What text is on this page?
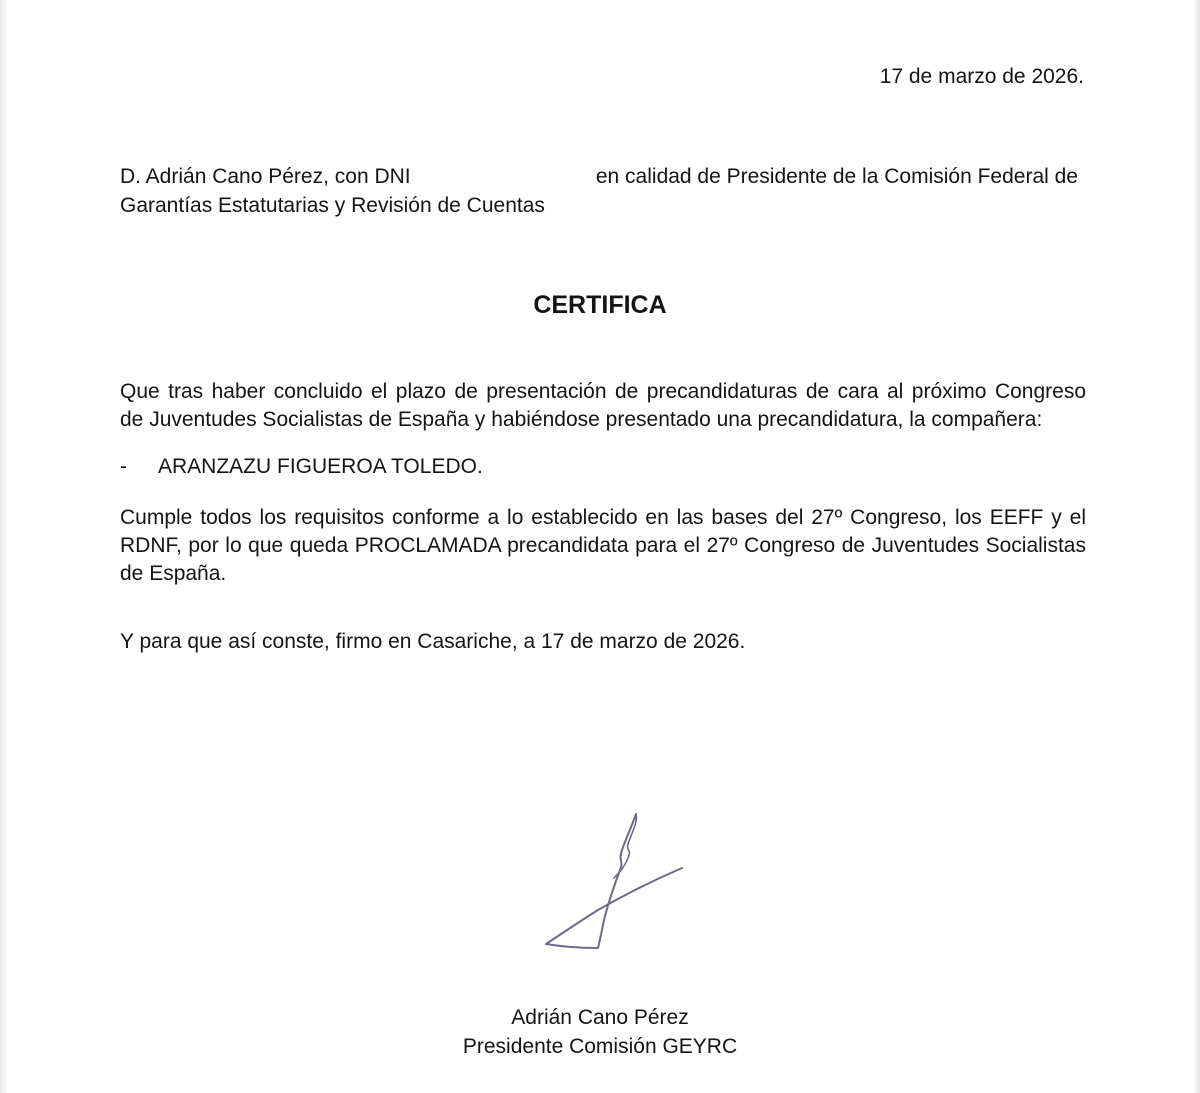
17 de marzo de 2026.
D. Adrián Cano Pérez, con DNI	en calidad de Presidente de la Comisión Federal de
Garantías Estatutarias y Revisión de Cuentas
CERTIFICA
Que tras haber concluido el plazo de presentación de precandidaturas de cara al próximo Congreso
de Juventudes Socialistas de España y habiéndose presentado una precandidatura, la compañera:
- ARANZAZU FIGUEROA TOLEDO.
Cumple todos los requisitos conforme a lo establecido en las bases del 27º Congreso, los EEFF y el RDNF, por lo que queda PROCLAMADA precandidata para el 27º Congreso de Juventudes Socialistas de España.
Y para que así conste, firmo en Casariche, a 17 de marzo de 2026.
Adrián Cano Pérez
Presidente Comisión GEYRC
